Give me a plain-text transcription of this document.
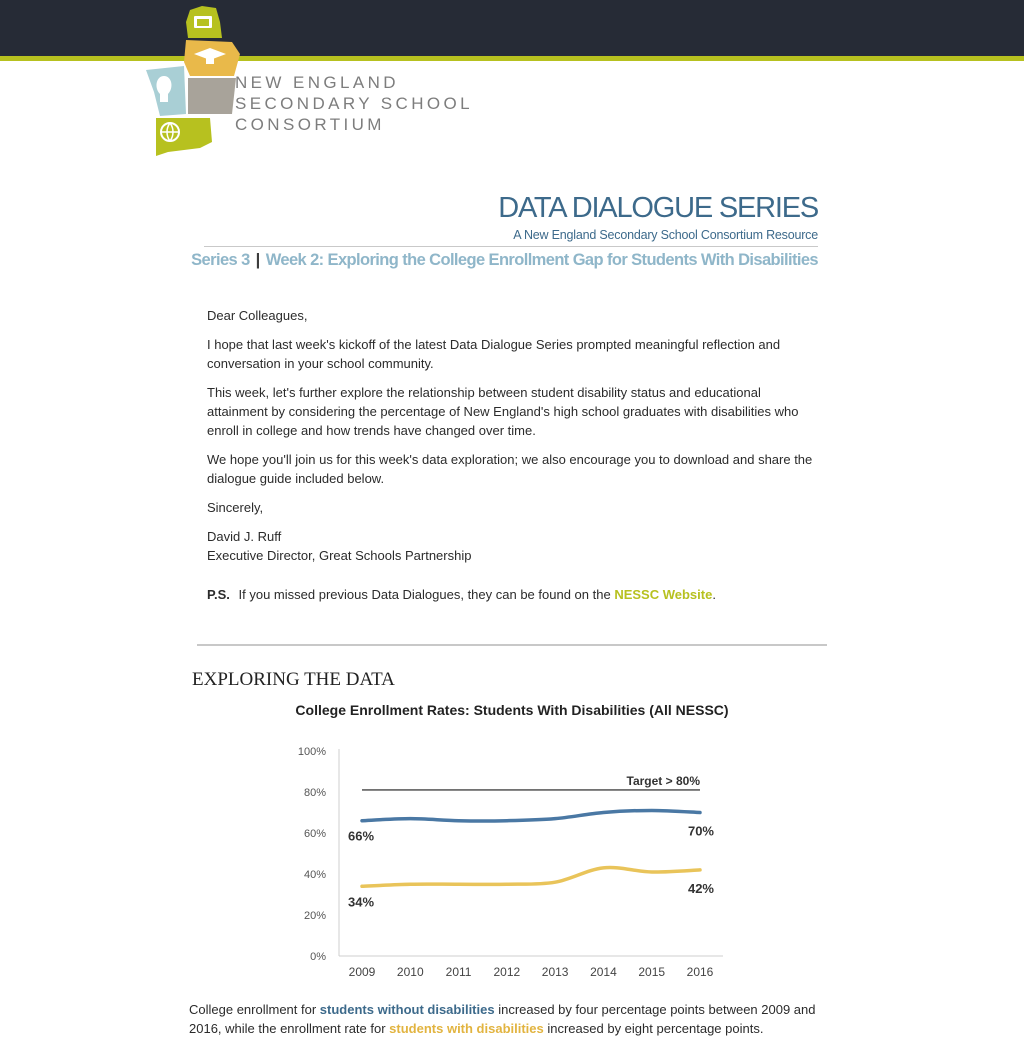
NEW ENGLAND
SECONDARY SCHOOL
CONSORTIUM
DATA DIALOGUE SERIES
A New England Secondary School Consortium Resource
Series 3 | Week 2: Exploring the College Enrollment Gap for Students With Disabilities

Dear Colleagues,

I hope that last week's kickoff of the latest Data Dialogue Series prompted meaningful reflection and conversation in your school community.

This week, let's further explore the relationship between student disability status and educational attainment by considering the percentage of New England's high school graduates with disabilities who enroll in college and how trends have changed over time.

We hope you'll join us for this week's data exploration; we also encourage you to download and share the dialogue guide included below.

Sincerely,

David J. Ruff
Executive Director, Great Schools Partnership

P.S. If you missed previous Data Dialogues, they can be found on the NESSC Website.

EXPLORING THE DATA
College Enrollment Rates: Students With Disabilities (All NESSC)
0%
20%
40%
60%
80%
100%
2009 2010 2011 2012 2013 2014 2015 2016
Target > 80%
66%	70%
34%
42%
College enrollment for students without disabilities increased by four percentage points between 2009 and 2016, while the enrollment rate for students with disabilities increased by eight percentage points.
